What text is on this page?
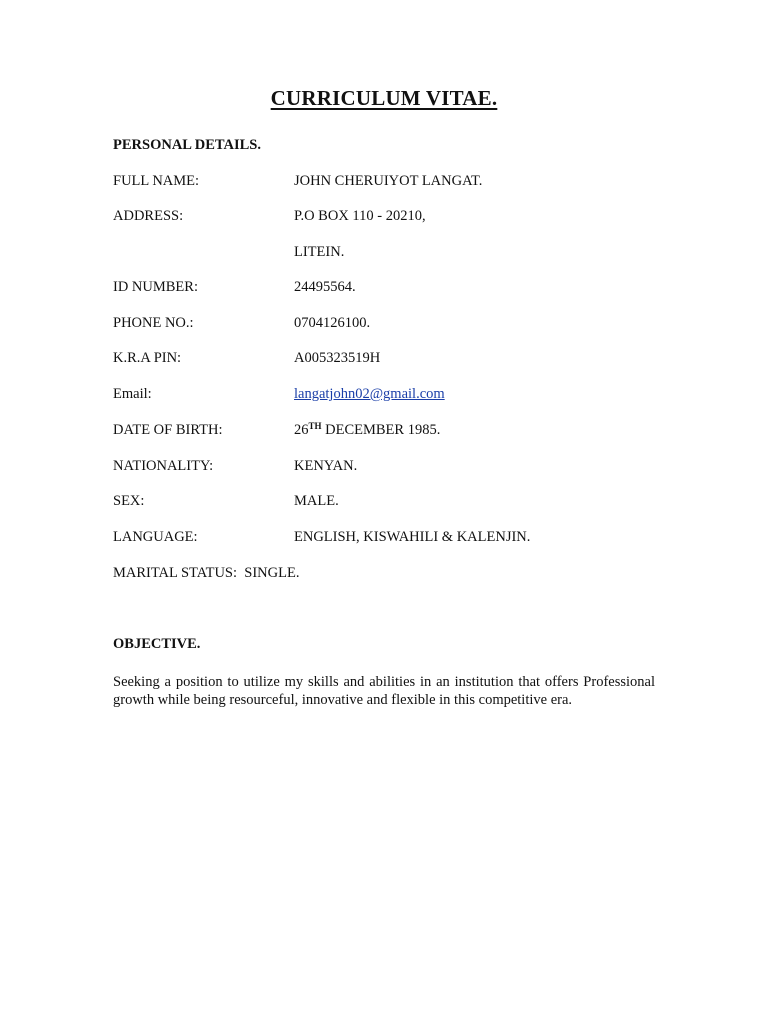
CURRICULUM VITAE.
PERSONAL DETAILS.
FULL NAME:	JOHN CHERUIYOT LANGAT.
ADDRESS:	P.O BOX 110 - 20210,
LITEIN.
ID NUMBER:	24495564.
PHONE NO.:	0704126100.
K.R.A PIN:	A005323519H
Email:	langatjohn02@gmail.com
DATE OF BIRTH:	26TH DECEMBER 1985.
NATIONALITY:	KENYAN.
SEX:	MALE.
LANGUAGE:	ENGLISH, KISWAHILI & KALENJIN.
MARITAL STATUS: SINGLE.
OBJECTIVE.
Seeking a position to utilize my skills and abilities in an institution that offers Professional growth while being resourceful, innovative and flexible in this competitive era.
